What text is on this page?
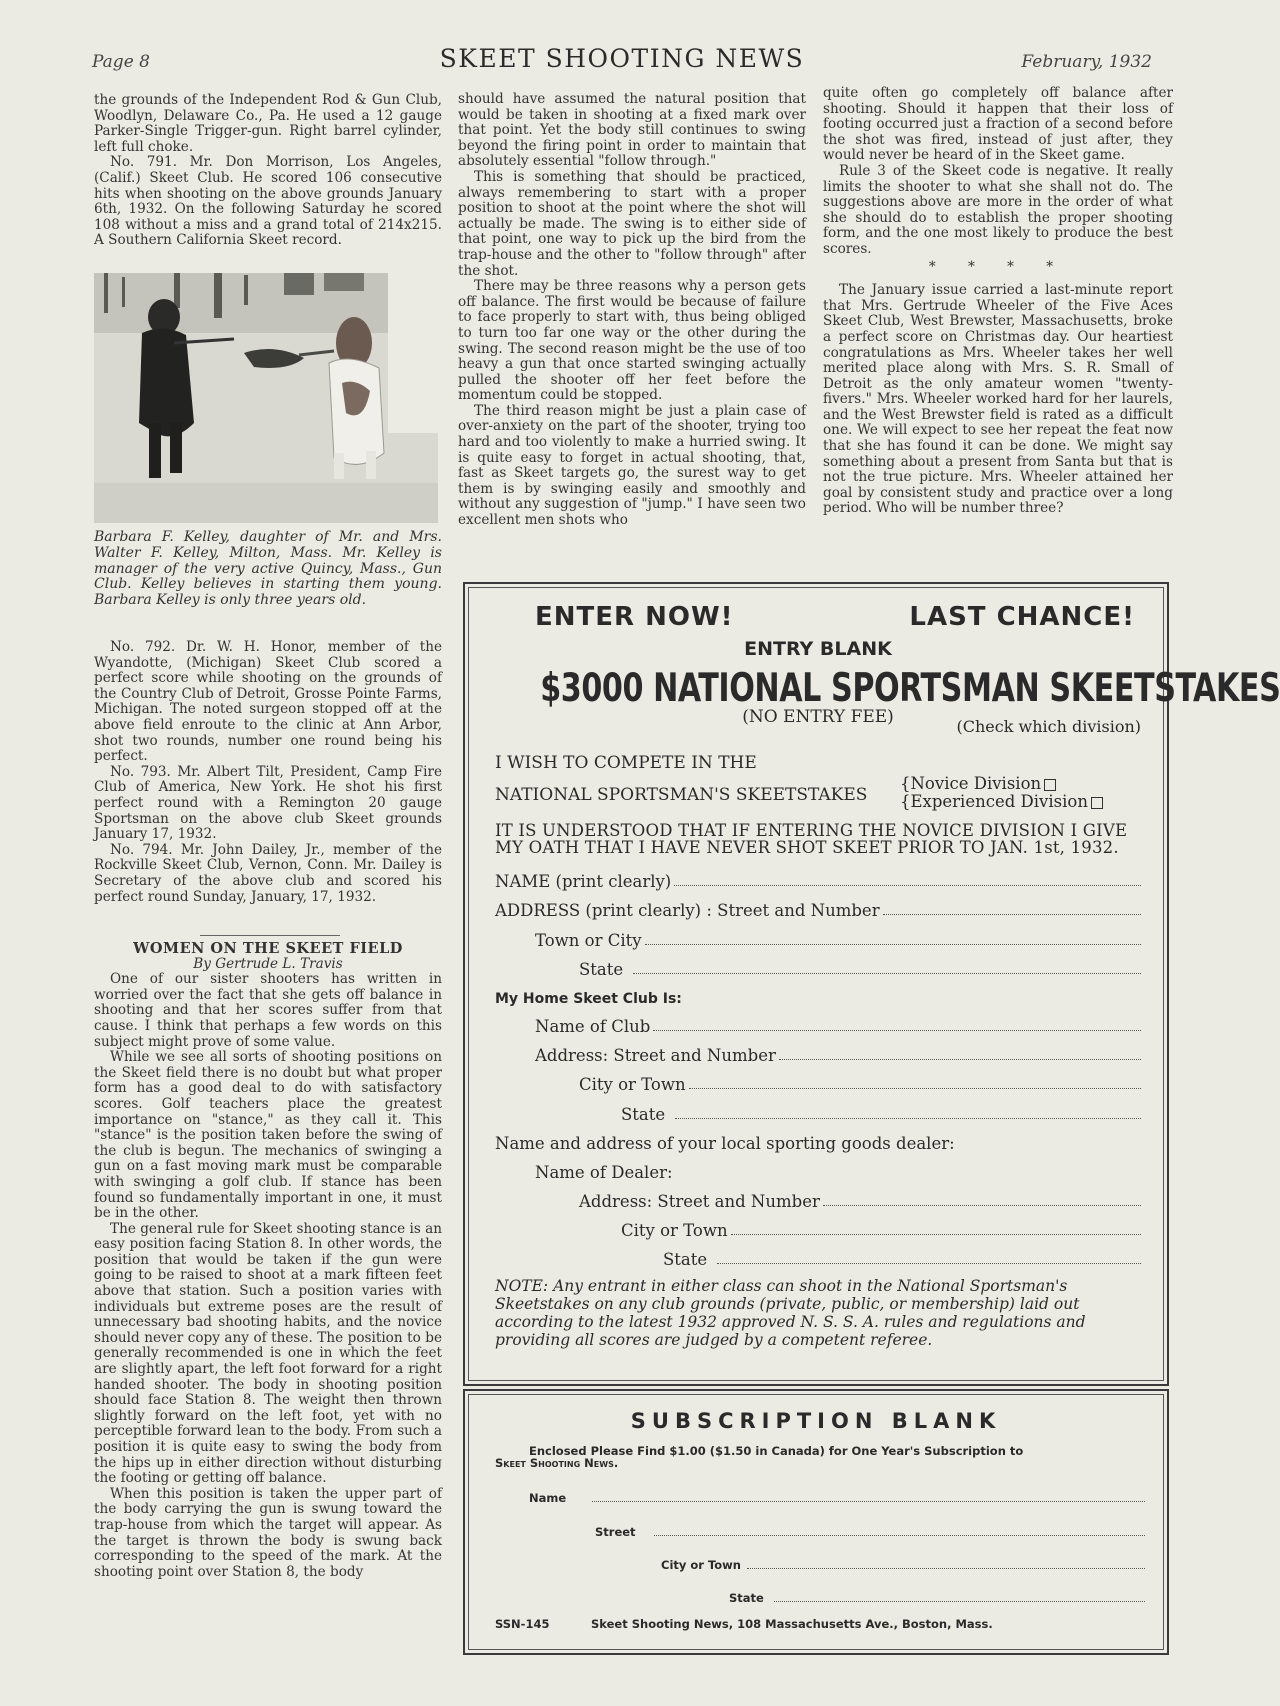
Page 8	SKEET SHOOTING NEWS	February, 1932

the grounds of the Independent Rod & Gun Club, Woodlyn, Delaware Co., Pa. He used a 12 gauge Parker-Single Trigger-gun. Right barrel cylinder, left full choke.

No. 791. Mr. Don Morrison, Los Angeles, (Calif.) Skeet Club. He scored 106 consecutive hits when shooting on the above grounds January 6th, 1932. On the following Saturday he scored 108 without a miss and a grand total of 214x215. A Southern California Skeet record.

Barbara F. Kelley, daughter of Mr. and Mrs. Walter F. Kelley, Milton, Mass. Mr. Kelley is manager of the very active Quincy, Mass., Gun Club. Kelley believes in starting them young. Barbara Kelley is only three years old.

No. 792. Dr. W. H. Honor, member of the Wyandotte, (Michigan) Skeet Club scored a perfect score while shooting on the grounds of the Country Club of Detroit, Grosse Pointe Farms, Michigan. The noted surgeon stopped off at the above field enroute to the clinic at Ann Arbor, shot two rounds, number one round being his perfect.

No. 793. Mr. Albert Tilt, President, Camp Fire Club of America, New York. He shot his first perfect round with a Remington 20 gauge Sportsman on the above club Skeet grounds January 17, 1932.

No. 794. Mr. John Dailey, Jr., member of the Rockville Skeet Club, Vernon, Conn. Mr. Dailey is Secretary of the above club and scored his perfect round Sunday, January, 17, 1932.

WOMEN ON THE SKEET FIELD

By Gertrude L. Travis

One of our sister shooters has written in worried over the fact that she gets off balance in shooting and that her scores suffer from that cause. I think that perhaps a few words on this subject might prove of some value.

While we see all sorts of shooting positions on the Skeet field there is no doubt but what proper form has a good deal to do with satisfactory scores. Golf teachers place the greatest importance on "stance," as they call it. This "stance" is the position taken before the swing of the club is begun. The mechanics of swinging a gun on a fast moving mark must be comparable with swinging a golf club. If stance has been found so fundamentally important in one, it must be in the other.

The general rule for Skeet shooting stance is an easy position facing Station 8. In other words, the position that would be taken if the gun were going to be raised to shoot at a mark fifteen feet above that station. Such a position varies with individuals but extreme poses are the result of unnecessary bad shooting habits, and the novice should never copy any of these. The position to be generally recommended is one in which the feet are slightly apart, the left foot forward for a right handed shooter. The body in shooting position should face Station 8. The weight then thrown slightly forward on the left foot, yet with no perceptible forward lean to the body. From such a position it is quite easy to swing the body from the hips up in either direction without disturbing the footing or getting off balance.

When this position is taken the upper part of the body carrying the gun is swung toward the trap-house from which the target will appear. As the target is thrown the body is swung back corresponding to the speed of the mark. At the shooting point over Station 8, the body

should have assumed the natural position that would be taken in shooting at a fixed mark over that point. Yet the body still continues to swing beyond the firing point in order to maintain that absolutely essential "follow through."

This is something that should be practiced, always remembering to start with a proper position to shoot at the point where the shot will actually be made. The swing is to either side of that point, one way to pick up the bird from the trap-house and the other to "follow through" after the shot.

There may be three reasons why a person gets off balance. The first would be because of failure to face properly to start with, thus being obliged to turn too far one way or the other during the swing. The second reason might be the use of too heavy a gun that once started swinging actually pulled the shooter off her feet before the momentum could be stopped.

The third reason might be just a plain case of over-anxiety on the part of the shooter, trying too hard and too violently to make a hurried swing. It is quite easy to forget in actual shooting, that, fast as Skeet targets go, the surest way to get them is by swinging easily and smoothly and without any suggestion of "jump." I have seen two excellent men shots who

quite often go completely off balance after shooting. Should it happen that their loss of footing occurred just a fraction of a second before the shot was fired, instead of just after, they would never be heard of in the Skeet game.

Rule 3 of the Skeet code is negative. It really limits the shooter to what she shall not do. The suggestions above are more in the order of what she should do to establish the proper shooting form, and the one most likely to produce the best scores.

* * * *

The January issue carried a last-minute report that Mrs. Gertrude Wheeler of the Five Aces Skeet Club, West Brewster, Massachusetts, broke a perfect score on Christmas day. Our heartiest congratulations as Mrs. Wheeler takes her well merited place along with Mrs. S. R. Small of Detroit as the only amateur women "twenty-fivers." Mrs. Wheeler worked hard for her laurels, and the West Brewster field is rated as a difficult one. We will expect to see her repeat the feat now that she has found it can be done. We might say something about a present from Santa but that is not the true picture. Mrs. Wheeler attained her goal by consistent study and practice over a long period. Who will be number three?

ENTER NOW!	LAST CHANCE!
ENTRY BLANK
$3000 NATIONAL SPORTSMAN SKEETSTAKES
(NO ENTRY FEE)	(Check which division)
I WISH TO COMPETE IN THE
NATIONAL SPORTSMAN'S SKEETSTAKES
{Novice Division
{Experienced Division
IT IS UNDERSTOOD THAT IF ENTERING THE NOVICE DIVISION I GIVE MY OATH THAT I HAVE NEVER SHOT SKEET PRIOR TO JAN. 1st, 1932.
NAME (print clearly)
ADDRESS (print clearly) : Street and Number
Town or City
State
My Home Skeet Club Is:
Name of Club
Address: Street and Number
City or Town
State
Name and address of your local sporting goods dealer:
Name of Dealer:
Address: Street and Number
City or Town
State
NOTE: Any entrant in either class can shoot in the National Sportsman's Skeetstakes on any club grounds (private, public, or membership) laid out according to the latest 1932 approved N. S. S. A. rules and regulations and providing all scores are judged by a competent referee.
SUBSCRIPTION BLANK
Enclosed Please Find $1.00 ($1.50 in Canada) for One Year's Subscription to
Skeet Shooting News.
Name
Street
City or Town
State
SSN-145	Skeet Shooting News, 108 Massachusetts Ave., Boston, Mass.
